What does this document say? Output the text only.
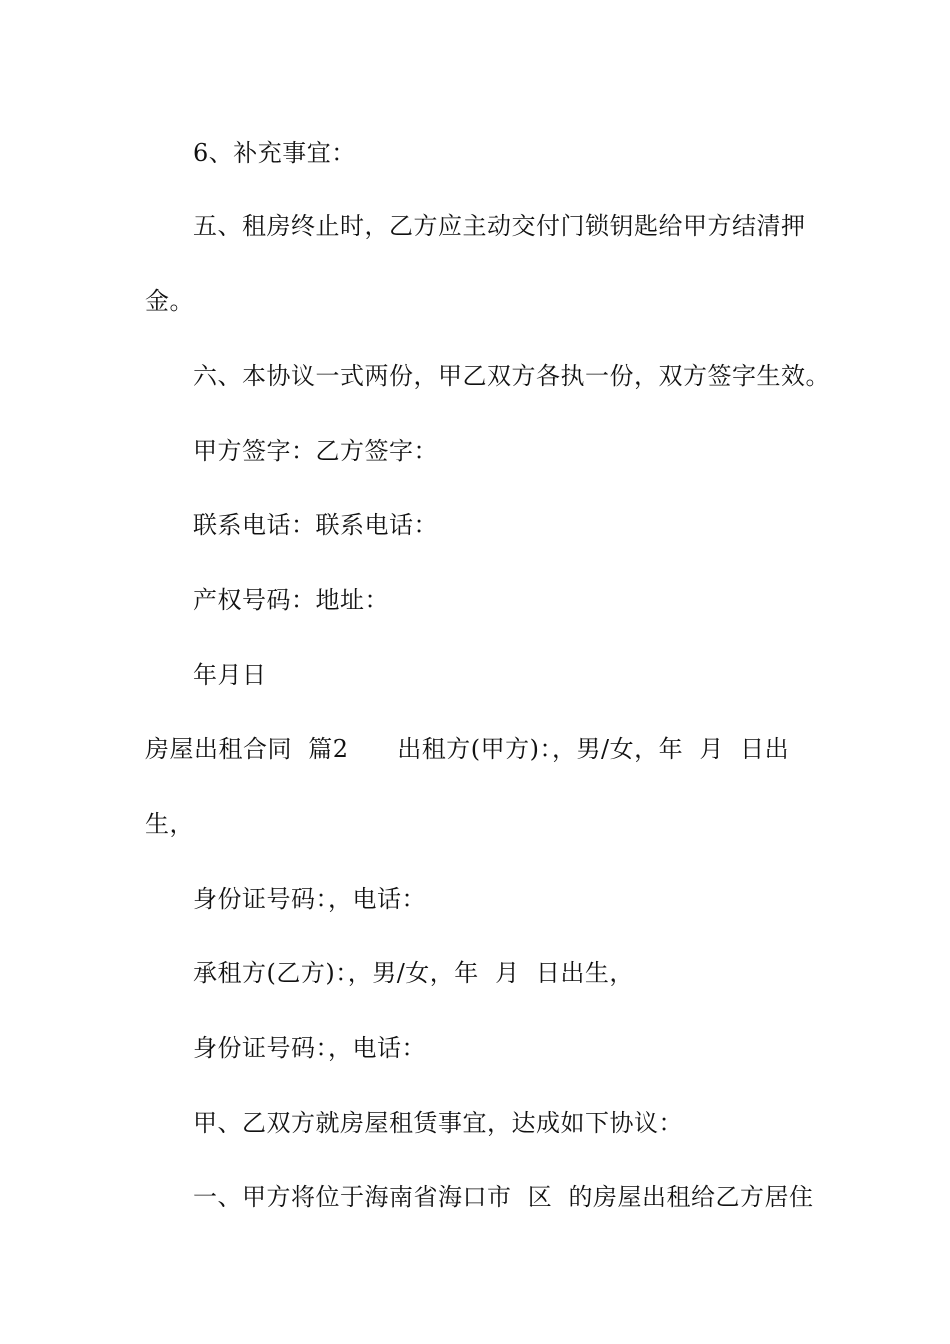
6、补充事宜：
五、租房终止时，乙方应主动交付门锁钥匙给甲方结清押
金。
六、本协议一式两份，甲乙双方各执一份，双方签字生效。
甲方签字：乙方签字：
联系电话：联系电话：
产权号码：地址：
年月日
房屋出租合同  篇2      出租方(甲方)：，男/女，年  月  日出
生，
身份证号码：，电话：
承租方(乙方)：，男/女，年  月  日出生，
身份证号码：，电话：
甲、乙双方就房屋租赁事宜，达成如下协议：
一、甲方将位于海南省海口市  区  的房屋出租给乙方居住
